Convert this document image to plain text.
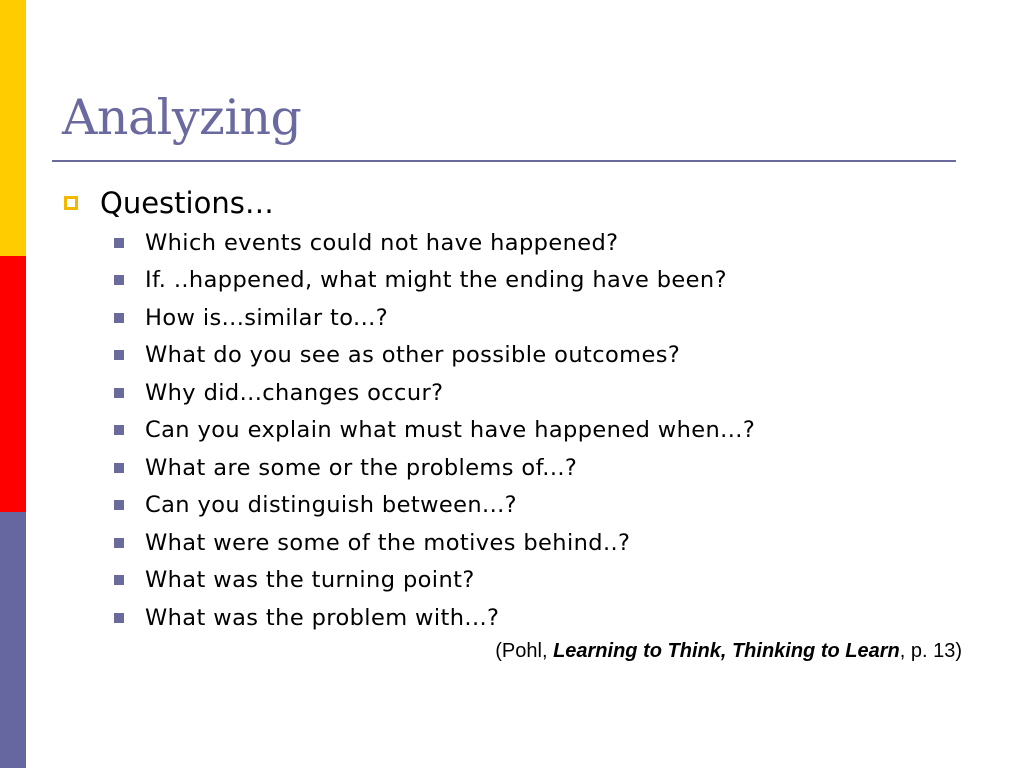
Analyzing
Questions…
Which events could not have happened?
If. ..happened, what might the ending have been?
How is...similar to...?
What do you see as other possible outcomes?
Why did...changes occur?
Can you explain what must have happened when...?
What are some or the problems of...?
Can you distinguish between...?
What were some of the motives behind..?
What was the turning point?
What was the problem with...?
(Pohl, Learning to Think, Thinking to Learn, p. 13)
